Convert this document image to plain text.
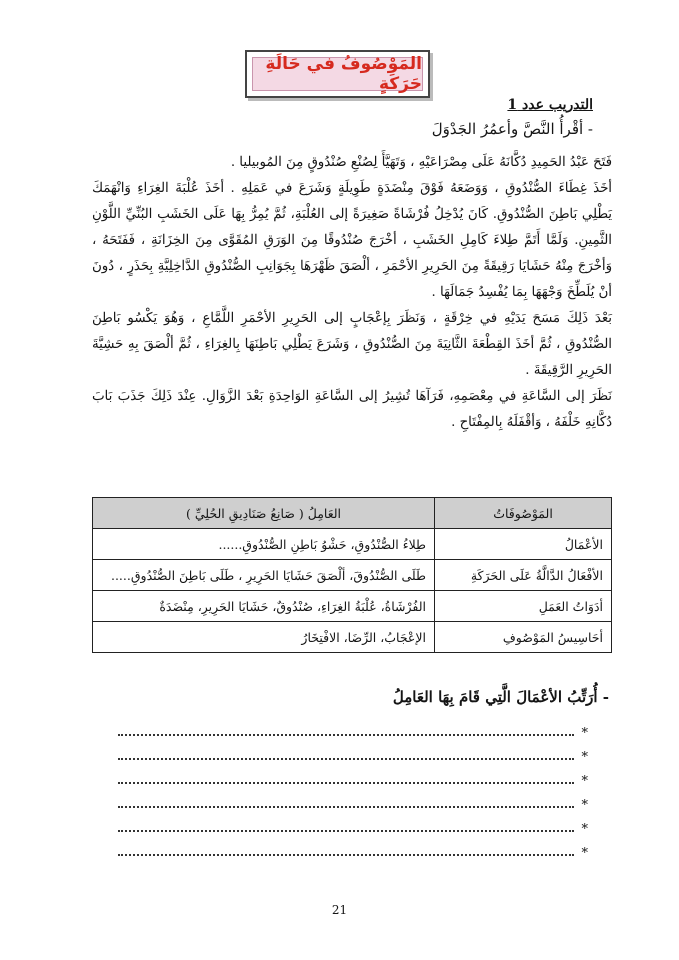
المَوْصُوفُ في حَالَةِ حَرَكَةٍ
التدريب عدد 1
- أقْرأُ النَّصَّ وأعمُرُ الجَدْوَلَ

فَتَحَ عَبْدُ الحَمِيدِ دُكَّانَهُ عَلَى مِصْرَاعَيْهِ ، وَتَهَيَّأَ لِصُنْعِ صُنْدُوقٍ مِنَ المُوبيليا .

أخَذَ غِطَاءَ الصُّنْدُوقِ ، وَوَضَعَهُ فَوْقَ مِنْضَدَةٍ طَوِيلَةٍ وَشَرَعَ في عَمَلِهِ . أخَذَ عُلْبَةَ الغِرَاءِ وَانْهَمَكَ يَطْلِي بَاطِنَ الصُّنْدُوقِ. كَانَ يُدْخِلُ فُرْشَاةً صَغِيرَةً إلى العُلْبَةِ، ثُمَّ يُمِرُّ بِهَا عَلَى الخَشَبِ البُنِّيِّ اللَّوْنِ الثَّمِينِ. وَلَمَّا أَتَمَّ طِلاءَ كَامِلِ الخَشَبِ ، أخْرَجَ صُنْدُوقًا مِنَ الوَرَقِ المُقَوَّى مِنَ الخِزَانَةِ ، فَفَتَحَهُ ، وَأخْرَجَ مِنْهُ حَشَايَا رَقِيقَةً مِنَ الحَرِيرِ الأحْمَرِ ، ألْصَقَ ظَهْرَهَا بِجَوَانِبِ الصُّنْدُوقِ الدَّاخِلِيَّةِ بِحَذَرٍ ، دُونَ أنْ يُلَطِّخَ وَجْهَهَا بِمَا يُفْسِدُ جَمَالَهَا .

بَعْدَ ذَلِكَ مَسَحَ يَدَيْهِ في خِرْقَةٍ ، وَنَظَرَ بِإعْجَابٍ إلى الحَرِيرِ الأحْمَرِ اللَّمَّاعِ ، وَهُوَ يَكْسُو بَاطِنَ الصُّنْدُوقِ ، ثُمَّ أخَذَ القِطْعَةَ الثَّانِيَةَ مِنَ الصُّنْدُوقِ ، وَشَرَعَ يَطْلِي بَاطِنَهَا بِالغِرَاءِ ، ثُمَّ ألْصَقَ بِهِ حَشِيَّةَ الحَرِيرِ الرَّقِيقَةَ .

نَظَرَ إلى السَّاعَةِ في مِعْصَمِهِ، فَرَآهَا تُشِيرُ إلى السَّاعَةِ الوَاحِدَةِ بَعْدَ الزَّوَالِ. عِنْدَ ذَلِكَ جَذَبَ بَابَ دُكَّانِهِ خَلْفَهُ ، وَأقْفَلَهُ بِالمِفْتَاحِ .

المَوْصُوفَاتُ	العَامِلُ ( صَانِعُ صَنَادِيقِ الحُلِيِّ )
الأعْمَالُ	طِلاءُ الصُّنْدُوقِ، حَشْوُ بَاطِنِ الصُّنْدُوقِ......
الأفْعَالُ الدَّالَّةُ عَلَى الحَرَكَةِ	طَلَى الصُّنْدُوقَ، ألْصَقَ حَشَايَا الحَرِيرِ ، طَلَى بَاطِنَ الصُّنْدُوقِ.....
أدَوَاتُ العَمَلِ	الفُرْشَاةُ، عُلْبَةُ الغِرَاءِ، صُنْدُوقٌ، حَشَايَا الحَرِيرِ، مِنْضَدَةٌ
أحَاسِيسُ المَوْصُوفِ	الإعْجَابُ، الرِّضَا، الافْتِخَارُ
- أُرَتِّبُ الأعْمَالَ الَّتِي قَامَ بِهَا العَامِلُ
*
*
*
*
*
*
21
